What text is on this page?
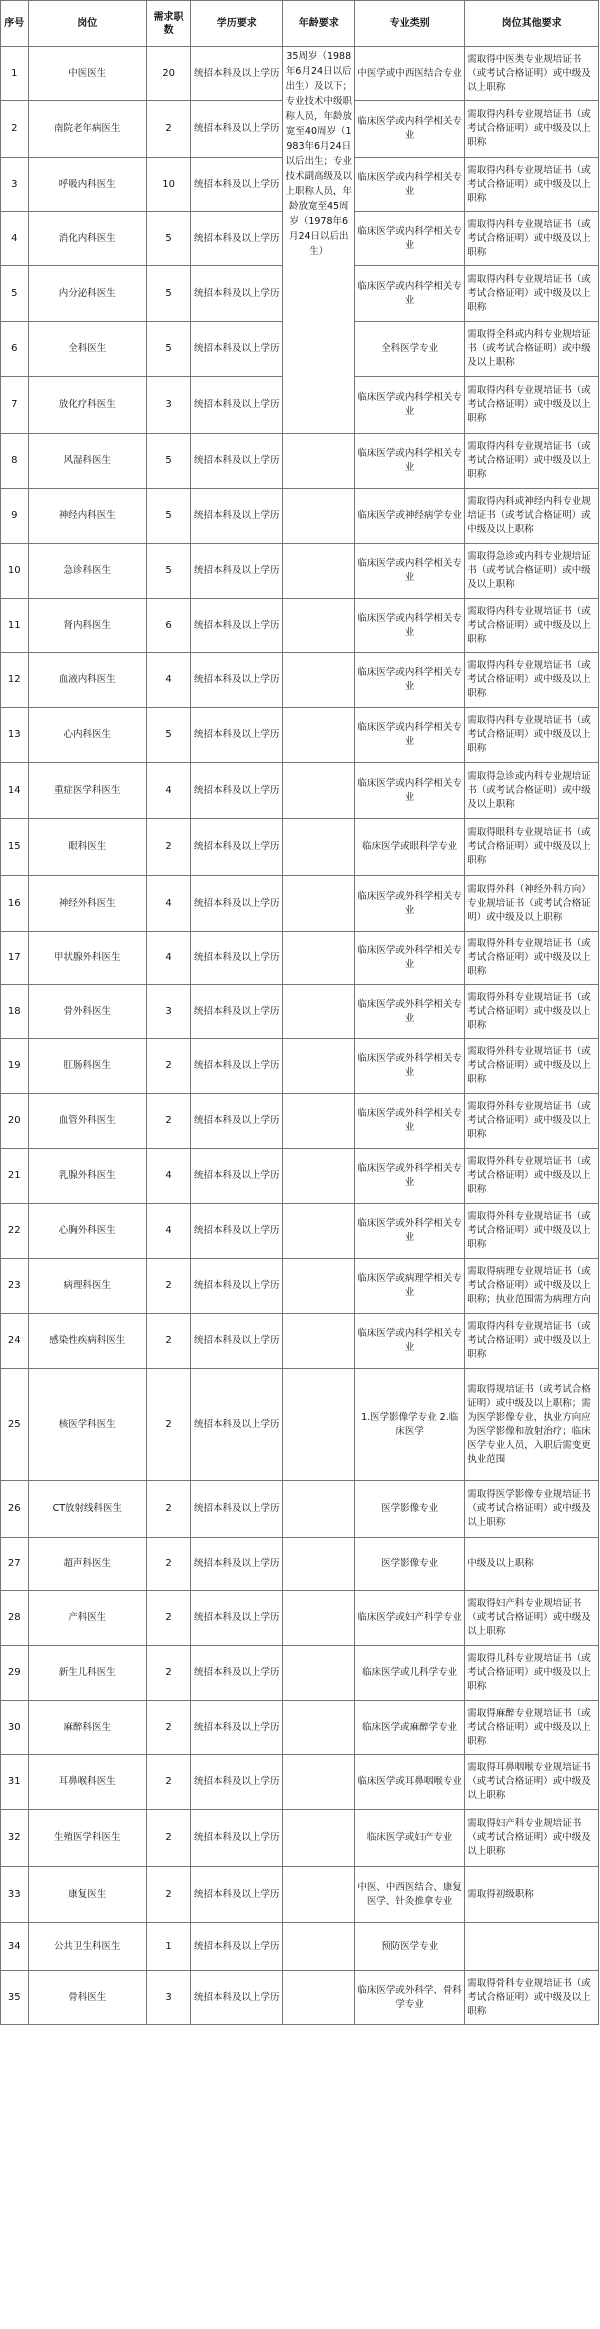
序号	岗位	需求职数	学历要求	年龄要求	专业类别	岗位其他要求
1	中医医生	20	统招本科及以上学历	35周岁（1988年6月24日以后出生）及以下；专业技术中级职称人员，年龄放宽至40周岁（1983年6月24日以后出生；专业技术副高级及以上职称人员，年龄放宽至45周岁（1978年6月24日以后出生）	中医学或中西医结合专业	需取得中医类专业规培证书（或考试合格证明）或中级及以上职称
2	南院老年病医生	2	统招本科及以上学历		临床医学或内科学相关专业	需取得内科专业规培证书（或考试合格证明）或中级及以上职称
3	呼吸内科医生	10	统招本科及以上学历		临床医学或内科学相关专业	需取得内科专业规培证书（或考试合格证明）或中级及以上职称
4	消化内科医生	5	统招本科及以上学历		临床医学或内科学相关专业	需取得内科专业规培证书（或考试合格证明）或中级及以上职称
5	内分泌科医生	5	统招本科及以上学历		临床医学或内科学相关专业	需取得内科专业规培证书（或考试合格证明）或中级及以上职称
6	全科医生	5	统招本科及以上学历		全科医学专业	需取得全科或内科专业规培证书（或考试合格证明）或中级及以上职称
7	放化疗科医生	3	统招本科及以上学历		临床医学或内科学相关专业	需取得内科专业规培证书（或考试合格证明）或中级及以上职称
8	风湿科医生	5	统招本科及以上学历		临床医学或内科学相关专业	需取得内科专业规培证书（或考试合格证明）或中级及以上职称
9	神经内科医生	5	统招本科及以上学历		临床医学或神经病学专业	需取得内科或神经内科专业规培证书（或考试合格证明）或中级及以上职称
10	急诊科医生	5	统招本科及以上学历		临床医学或内科学相关专业	需取得急诊或内科专业规培证书（或考试合格证明）或中级及以上职称
11	肾内科医生	6	统招本科及以上学历		临床医学或内科学相关专业	需取得内科专业规培证书（或考试合格证明）或中级及以上职称
12	血液内科医生	4	统招本科及以上学历		临床医学或内科学相关专业	需取得内科专业规培证书（或考试合格证明）或中级及以上职称
13	心内科医生	5	统招本科及以上学历		临床医学或内科学相关专业	需取得内科专业规培证书（或考试合格证明）或中级及以上职称
14	重症医学科医生	4	统招本科及以上学历		临床医学或内科学相关专业	需取得急诊或内科专业规培证书（或考试合格证明）或中级及以上职称
15	眼科医生	2	统招本科及以上学历		临床医学或眼科学专业	需取得眼科专业规培证书（或考试合格证明）或中级及以上职称
16	神经外科医生	4	统招本科及以上学历		临床医学或外科学相关专业	需取得外科（神经外科方向）专业规培证书（或考试合格证明）或中级及以上职称
17	甲状腺外科医生	4	统招本科及以上学历		临床医学或外科学相关专业	需取得外科专业规培证书（或考试合格证明）或中级及以上职称
18	骨外科医生	3	统招本科及以上学历		临床医学或外科学相关专业	需取得外科专业规培证书（或考试合格证明）或中级及以上职称
19	肛肠科医生	2	统招本科及以上学历		临床医学或外科学相关专业	需取得外科专业规培证书（或考试合格证明）或中级及以上职称
20	血管外科医生	2	统招本科及以上学历		临床医学或外科学相关专业	需取得外科专业规培证书（或考试合格证明）或中级及以上职称
21	乳腺外科医生	4	统招本科及以上学历		临床医学或外科学相关专业	需取得外科专业规培证书（或考试合格证明）或中级及以上职称
22	心胸外科医生	4	统招本科及以上学历		临床医学或外科学相关专业	需取得外科专业规培证书（或考试合格证明）或中级及以上职称
23	病理科医生	2	统招本科及以上学历		临床医学或病理学相关专业	需取得病理专业规培证书（或考试合格证明）或中级及以上职称；执业范围需为病理方向
24	感染性疾病科医生	2	统招本科及以上学历		临床医学或内科学相关专业	需取得内科专业规培证书（或考试合格证明）或中级及以上职称
25	核医学科医生	2	统招本科及以上学历		1.医学影像学专业 2.临床医学	需取得规培证书（或考试合格证明）或中级及以上职称；需为医学影像专业，执业方向应为医学影像和放射治疗；临床医学专业人员，入职后需变更执业范围
26	CT放射线科医生	2	统招本科及以上学历		医学影像专业	需取得医学影像专业规培证书（或考试合格证明）或中级及以上职称
27	超声科医生	2	统招本科及以上学历		医学影像专业	中级及以上职称
28	产科医生	2	统招本科及以上学历		临床医学或妇产科学专业	需取得妇产科专业规培证书（或考试合格证明）或中级及以上职称
29	新生儿科医生	2	统招本科及以上学历		临床医学或儿科学专业	需取得儿科专业规培证书（或考试合格证明）或中级及以上职称
30	麻醉科医生	2	统招本科及以上学历		临床医学或麻醉学专业	需取得麻醉专业规培证书（或考试合格证明）或中级及以上职称
31	耳鼻喉科医生	2	统招本科及以上学历		临床医学或耳鼻咽喉专业	需取得耳鼻咽喉专业规培证书（或考试合格证明）或中级及以上职称
32	生殖医学科医生	2	统招本科及以上学历		临床医学或妇产专业	需取得妇产科专业规培证书（或考试合格证明）或中级及以上职称
33	康复医生	2	统招本科及以上学历		中医、中西医结合、康复医学、针灸推拿专业	需取得初级职称
34	公共卫生科医生	1	统招本科及以上学历		预防医学专业	
35	骨科医生	3	统招本科及以上学历		临床医学或外科学、骨科学专业	需取得骨科专业规培证书（或考试合格证明）或中级及以上职称
